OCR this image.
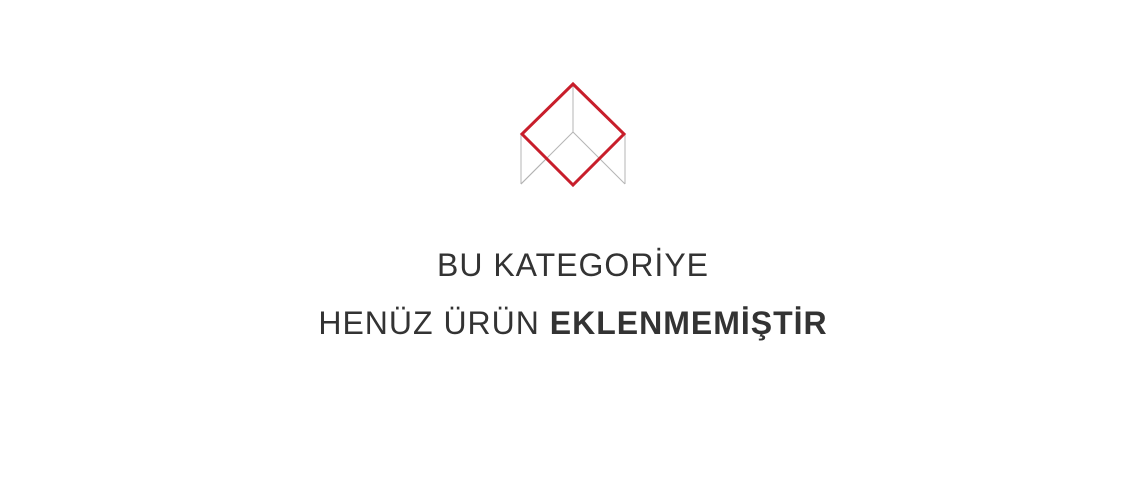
BU KATEGORİYE
HENÜZ ÜRÜN EKLENMEMİŞTİR
